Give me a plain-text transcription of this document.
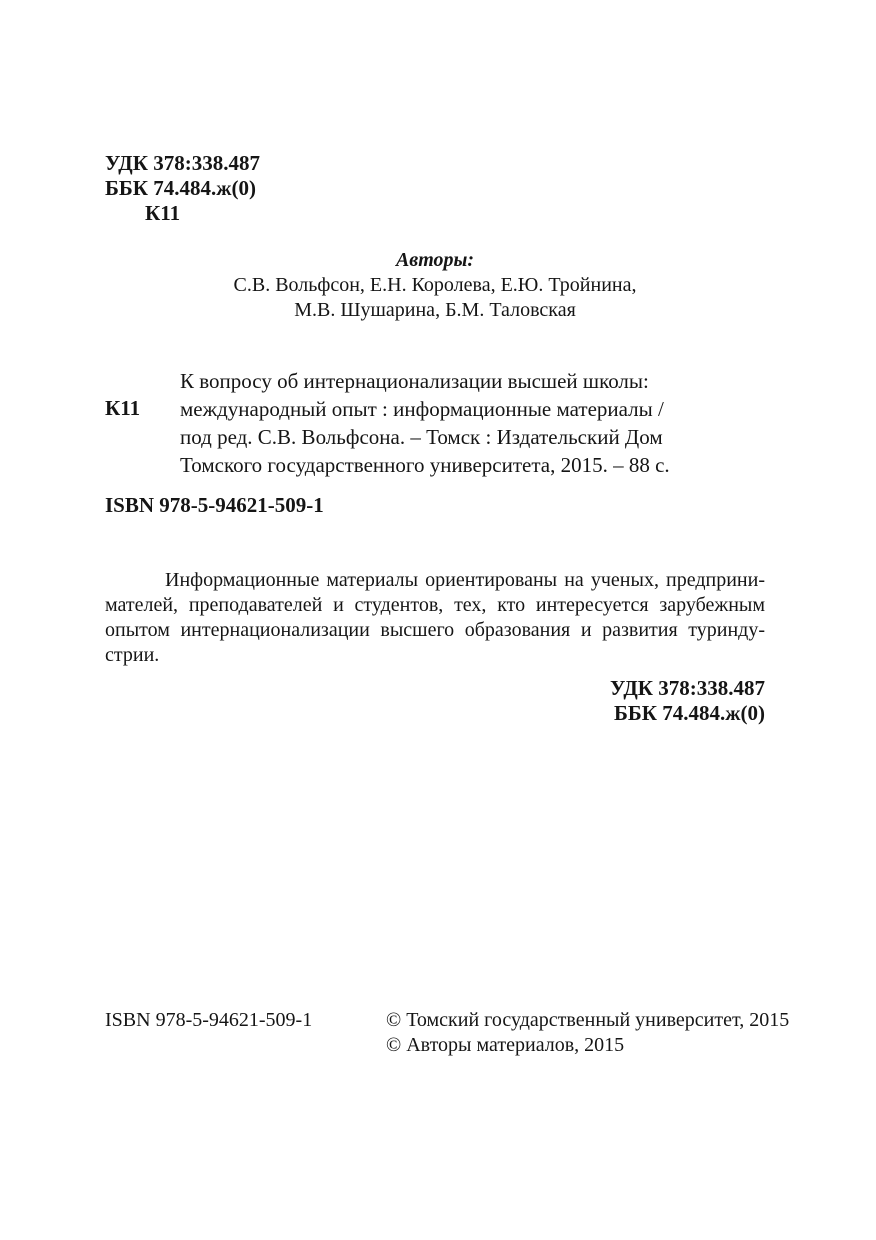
УДК 378:338.487
ББК 74.484.ж(0)
К11
Авторы:
С.В. Вольфсон, Е.Н. Королева, Е.Ю. Тройнина,
М.В. Шушарина, Б.М. Таловская
К11
К вопросу об интернационализации высшей школы:
международный опыт : информационные материалы /
под ред. С.В. Вольфсона. – Томск : Издательский Дом
Томского государственного университета, 2015. – 88 с.
ISBN 978-5-94621-509-1
Информационные материалы ориентированы на ученых, предприни-
мателей, преподавателей и студентов, тех, кто интересуется зарубежным
опытом интернационализации высшего образования и развития туринду-
стрии.
УДК 378:338.487
ББК 74.484.ж(0)
ISBN 978-5-94621-509-1	© Томский государственный университет, 2015
© Авторы материалов, 2015
